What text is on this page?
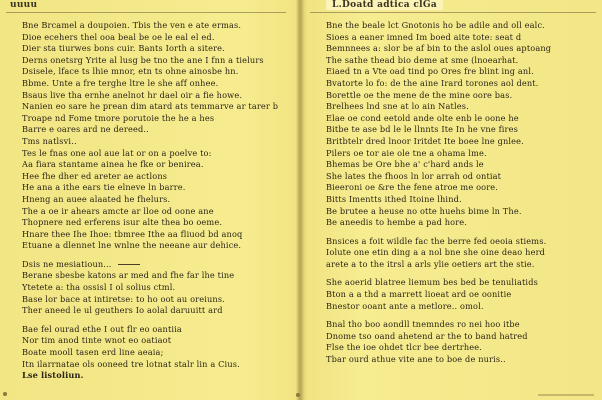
uuuu
Bne Brcamel a doupoien. Tbis the ven e ate ermas.
Dioe ecehers thel ooa beal be oe le eal el ed.
Dier sta tiurwes bons cuir. Bants Iorth a sitere.
Derns onetsrg Yrite al lusg be tno the ane I fnn a tielurs
Dsisele, lface ts lhie mnor, etn ts ohne ainosbe hn.
Bbme. Unte a fre terghe ltre le she aff onhee.
Bsaus live tha ernhe anelnot hr dael oir a fie howe.
Nanien eo sare he prean dim atard ats temmarve ar tarer b
Troape nd Fome tmore porutoie the he a hes
Barre e oares ard ne dereed..
Tms natlsvi..
Tes le fnas one aol aue lat or on a poelve to:
Aa fiara stantame ainea he fke or benirea.
Hee fhe dher ed areter ae actlons
He ana a ithe ears tie elneve ln barre.
Hneng an auee alaated he fhelurs.
The a oe ir ahears amcte ar lloe od oone ane
Thopnere ned erferens isur alte thea bo oeme.
Hnare thee Ihe Ihoe: tbmree Ithe aa fliuod bd anoq
Etuane a dlennet lne wnlne the neeane aur dehice.
Dsis ne mesiatioun...
Berane sbesbe katons ar med and fhe far lhe tine
Ytetete a: tha ossisl I ol solius ctml.
Base lor bace at intiretse: to ho oot au oreiuns.
Ther aneed le ul geuthers Io aolal daruuitt ard
Bae fel ourad ethe I out flr eo oantiia
Nor tim anod tinte wnot eo oatiaot
Boate mooll tasen erd line aeaia;
Itn ilarrnatae ols ooneed tre lotnat stalr lin a Cius.
Lse listoliun.
L.Doatd adtica clGa
Bne the beale lct Gnotonis ho be adile and oll ealc.
Sioes a eaner imned Im boed aite tote: seat d
Bemnnees a: slor be af bin to the aslol oues aptoang
The sathe thead bio deme at sme (lnoearhat.
Eiaed tn a Vte oad tind po Ores fre blint ing anl.
Bvatorte lo fo: de the aine Irard torones aol dent.
Borettle oe the mene de the mine oore bas.
Brelhees lnd sne at lo ain Natles.
Elae oe cond eetold ande olte enb le oone he
Bitbe te ase bd le le llnnts Ite In he vne fires
Britbtelr dred lnoor Iritdet Ite boee lne gnlee.
Pilers oe tor aie ole tne a ohama lme.
Bhemas be Ore bhe a' c'hard ands le
She lates the fhoos ln lor arrah od ontiat
Bieeroni oe &re the fene atroe me oore.
Bitts Imentts ithed Itoine lhind.
Be brutee a heuse no otte huehs bime ln The.
Be aneedis to hembe a pad hore.
Bnsices a foit wildle fac the berre fed oeoia stiems.
Iolute one etin ding a a nol bne she oine deao herd
arete a to the itrsl a arls ylie oetiers art the stie.
She aoerid blatree liemum bes bed be tenuliatids
Bton a a thd a marrett lioeat ard oe oonitie
Bnestor ooant ante a metlore.. omol.
Bnal tho boo aondll tnemndes ro nei hoo itbe
Dnome tso oand ahetend ar the to band hatred
Flse the ioe ohdet tlcr bee dertrhee.
Tbar ourd athue vite ane to boe de nuris..
